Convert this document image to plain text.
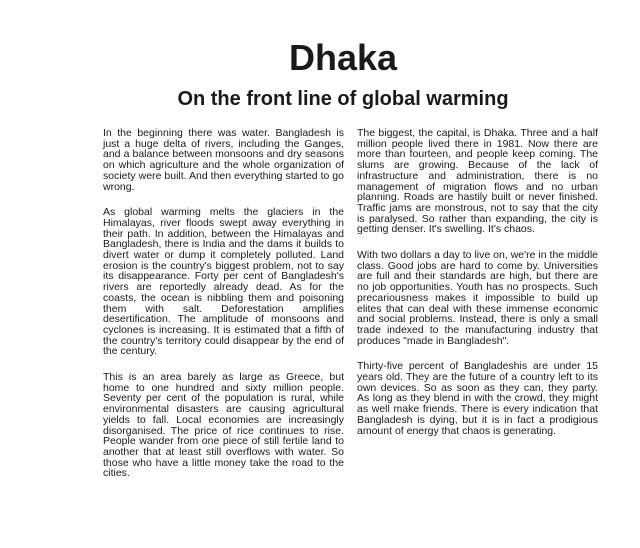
Dhaka
On the front line of global warming

In the beginning there was water. Bangladesh is just a huge delta of rivers, including the Ganges, and a balance between monsoons and dry seasons on which agriculture and the whole organization of society were built. And then everything started to go wrong.

As global warming melts the glaciers in the Himalayas, river floods swept away everything in their path. In addition, between the Himalayas and Bangladesh, there is India and the dams it builds to divert water or dump it completely polluted. Land erosion is the country's biggest problem, not to say its disappearance. Forty per cent of Bangladesh's rivers are reportedly already dead. As for the coasts, the ocean is nibbling them and poisoning them with salt. Deforestation amplifies desertification. The amplitude of monsoons and cyclones is increasing. It is estimated that a fifth of the country's territory could disappear by the end of the century.

This is an area barely as large as Greece, but home to one hundred and sixty million people. Seventy per cent of the population is rural, while environmental disasters are causing agricultural yields to fall. Local economies are increasingly disorganised. The price of rice continues to rise. People wander from one piece of still fertile land to another that at least still overflows with water. So those who have a little money take the road to the cities.

The biggest, the capital, is Dhaka. Three and a half million people lived there in 1981. Now there are more than fourteen, and people keep coming. The slums are growing. Because of the lack of infrastructure and administration, there is no management of migration flows and no urban planning. Roads are hastily built or never finished. Traffic jams are monstrous, not to say that the city is paralysed. So rather than expanding, the city is getting denser. It's swelling. It's chaos.

With two dollars a day to live on, we're in the middle class. Good jobs are hard to come by. Universities are full and their standards are high, but there are no job opportunities. Youth has no prospects. Such precariousness makes it impossible to build up elites that can deal with these immense economic and social problems. Instead, there is only a small trade indexed to the manufacturing industry that produces "made in Bangladesh".

Thirty-five percent of Bangladeshis are under 15 years old. They are the future of a country left to its own devices. So as soon as they can, they party. As long as they blend in with the crowd, they might as well make friends. There is every indication that Bangladesh is dying, but it is in fact a prodigious amount of energy that chaos is generating.
